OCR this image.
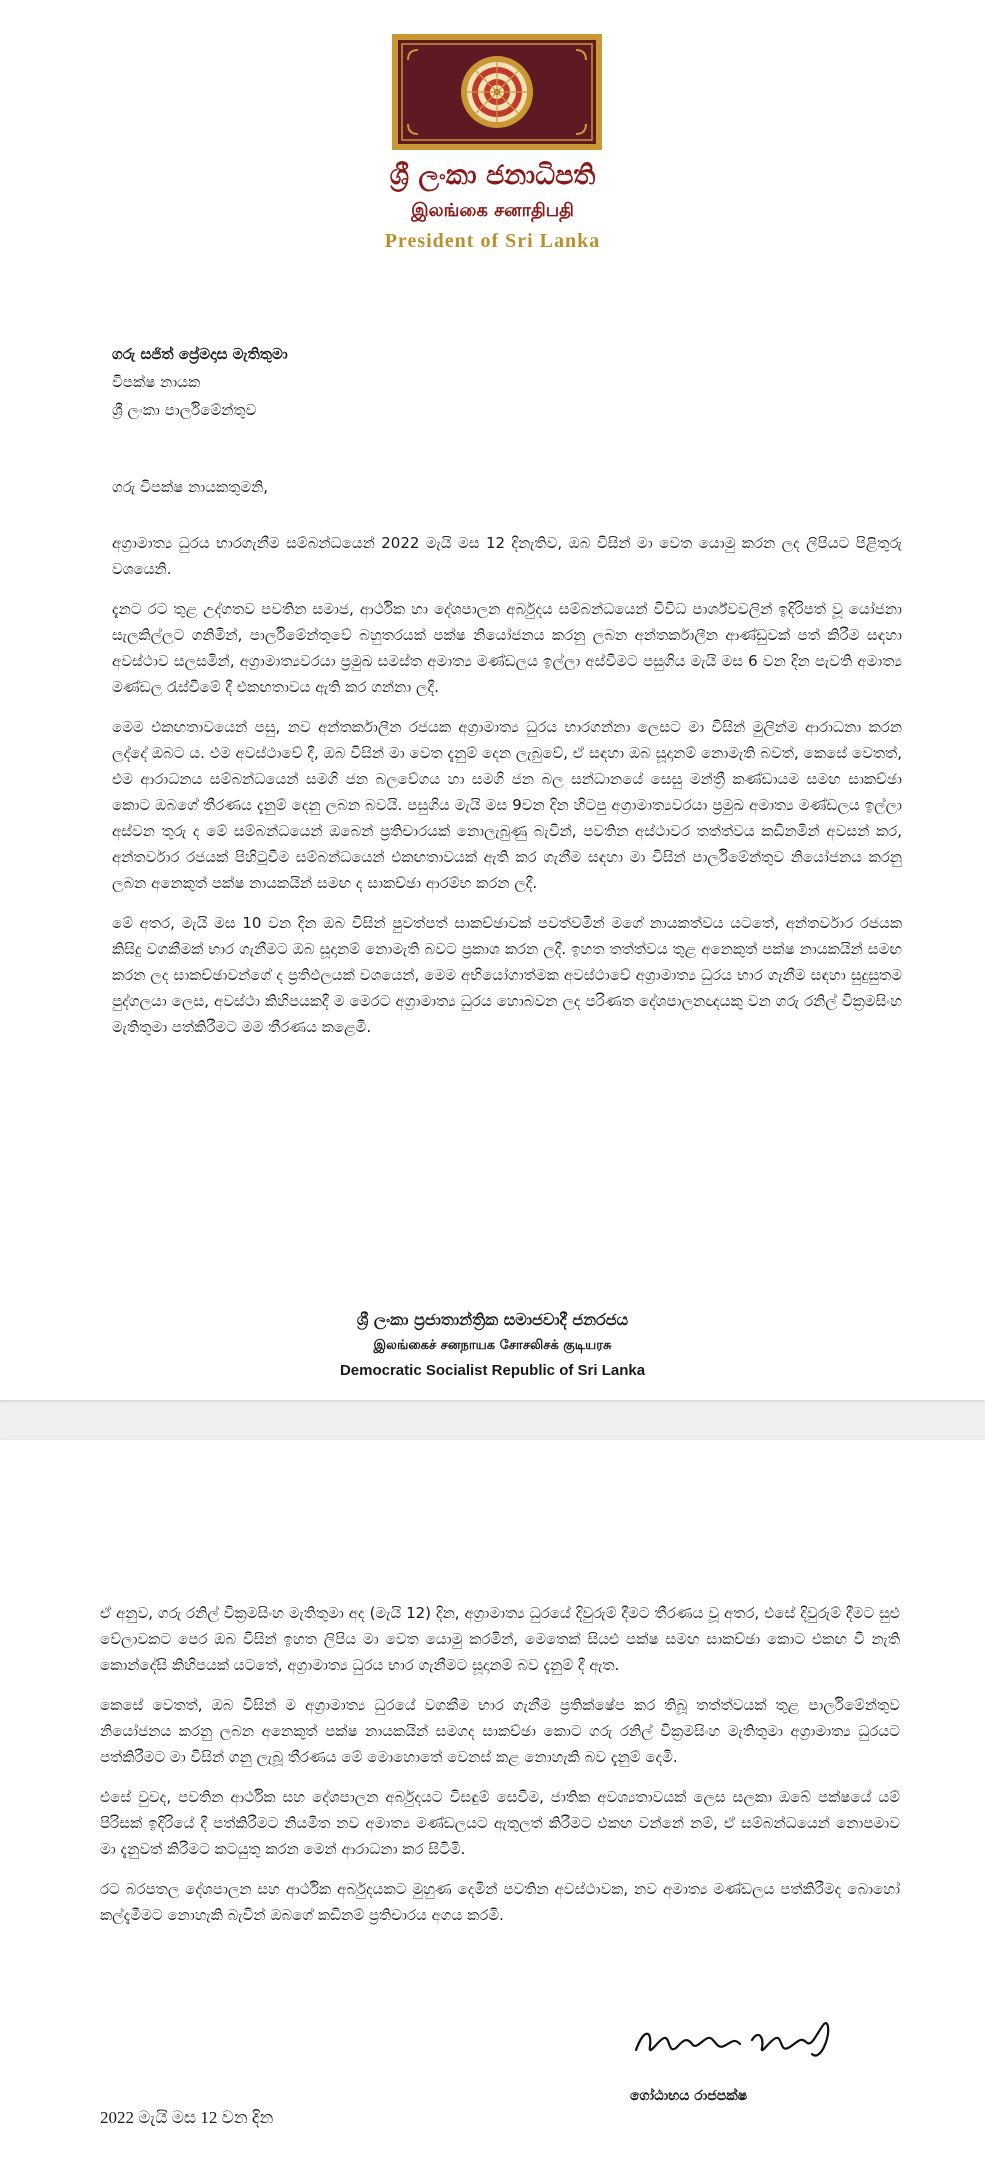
ශ්‍රී ලංකා ජනාධිපති
இலங்கை சனாதிபதி
President of Sri Lanka
ගරු සජිත් ප්‍රේමදාස මැතිතුමා
විපක්ෂ නායක
ශ්‍රී ලංකා පාර්ලිමේන්තුව
ගරු විපක්ෂ නායකතුමනි,

අග්‍රාමාත්‍ය ධුරය භාරගැනීම සම්බන්ධයෙන් 2022 මැයි මස 12 දිනැතිව, ඔබ විසින් මා වෙත යොමු කරන ලද ලිපියට පිළිතුරු වශයෙනි.

දැනට රට තුළ උද්ගතව පවතින සමාජ, ආර්ථික හා දේශපාලන අර්බුදය සම්බන්ධයෙන් විවිධ පාර්ශ්වවලින් ඉදිරිපත් වූ යෝජනා සැලකිල්ලට ගනිමින්, පාර්ලිමේන්තුවේ බහුතරයක් පක්ෂ නියෝජනය කරනු ලබන අන්තර්කාලීන ආණ්ඩුවක් පත් කිරීම සඳහා අවස්ථාව සලසමින්, අග්‍රාමාත්‍යවරයා ප්‍රමුඛ සමස්ත අමාත්‍ය මණ්ඩලය ඉල්ලා අස්වීමට පසුගිය මැයි මස 6 වන දින පැවති අමාත්‍ය මණ්ඩල රැස්වීමේ දී එකඟතාවය ඇති කර ගන්නා ලදී.

මෙම එකඟතාවයෙන් පසු, නව අන්තර්කාලීන රජයක අග්‍රාමාත්‍ය ධුරය භාරගන්නා ලෙසට මා විසින් මුලින්ම ආරාධනා කරන ලද්දේ ඔබට ය. එම අවස්ථාවේ දී, ඔබ විසින් මා වෙත දැනුම් දෙන ලැබුවේ, ඒ සඳහා ඔබ සූදානම් නොමැති බවත්, කෙසේ වෙතත්, එම ආරාධනය සම්බන්ධයෙන් සමගි ජන බලවේගය හා සමගි ජන බල සන්ධානයේ සෙසු මන්ත්‍රී කණ්ඩායම සමඟ සාකච්ඡා කොට ඔබගේ තීරණය දැනුම් දෙනු ලබන බවයි. පසුගිය මැයි මස 9වන දින හිටපු අග්‍රාමාත්‍යවරයා ප්‍රමුඛ අමාත්‍ය මණ්ඩලය ඉල්ලා අස්වන තුරු ද මේ සම්බන්ධයෙන් ඔබෙන් ප්‍රතිචාරයක් නොලැබුණු බැවින්, පවතින අස්ථාවර තත්ත්වය කඩිනමින් අවසන් කර, අන්තර්වාර රජයක් පිහිටුවීම සම්බන්ධයෙන් එකඟතාවයක් ඇති කර ගැනීම සඳහා මා විසින් පාර්ලිමේන්තුව නියෝජනය කරනු ලබන අනෙකුත් පක්ෂ නායකයින් සමඟ ද සාකච්ඡා ආරම්භ කරන ලදී.

මේ අතර, මැයි මස 10 වන දින ඔබ විසින් පුවත්පත් සාකච්ඡාවක් පවත්වමින් මගේ නායකත්වය යටතේ, අන්තර්වාර රජයක කිසිදු වගකීමක් භාර ගැනීමට ඔබ සූදානම් නොමැති බවට ප්‍රකාශ කරන ලදී. ඉහත තත්ත්වය තුළ අනෙකුත් පක්ෂ නායකයින් සමඟ කරන ලද සාකච්ඡාවන්ගේ ද ප්‍රතිඵලයක් වශයෙන්, මෙම අභියෝගාත්මක අවස්ථාවේ අග්‍රාමාත්‍ය ධුරය භාර ගැනීම සඳහා සුදුසුතම පුද්ගලයා ලෙස, අවස්ථා කිහිපයකදී ම මෙරට අග්‍රාමාත්‍ය ධුරය හොබවන ලද පරිණත දේශපාලනඥයකු වන ගරු රනිල් වික්‍රමසිංහ මැතිතුමා පත්කිරීමට මම තීරණය කළෙමි.

ශ්‍රී ලංකා ප්‍රජාතාන්ත්‍රික සමාජවාදී ජනරජය
இலங்கைச் சனநாயக சோசலிசக் குடியரசு
Democratic Socialist Republic of Sri Lanka

ඒ අනුව, ගරු රනිල් වික්‍රමසිංහ මැතිතුමා අද (මැයි 12) දින, අග්‍රාමාත්‍ය ධුරයේ දිවුරුම් දීමට තීරණය වූ අතර, එසේ දිවුරුම් දීමට සුළු වේලාවකට පෙර ඔබ විසින් ඉහත ලිපිය මා වෙත යොමු කරමින්, මෙතෙක් සියළු පක්ෂ සමඟ සාකච්ඡා කොට එකඟ වී නැති කොන්දේසි කිහිපයක් යටතේ, අග්‍රාමාත්‍ය ධුරය භාර ගැනීමට සූදානම් බව දැනුම් දී ඇත.

කෙසේ වෙතත්, ඔබ විසින් ම අග්‍රාමාත්‍ය ධුරයේ වගකීම භාර ගැනීම ප්‍රතික්ෂේප කර තිබූ තත්ත්වයක් තුළ පාර්ලිමේන්තුව නියෝජනය කරනු ලබන අනෙකුත් පක්ෂ නායකයින් සමගද සාකච්ඡා කොට ගරු රනිල් වික්‍රමසිංහ මැතිතුමා අග්‍රාමාත්‍ය ධුරයට පත්කිරීමට මා විසින් ගනු ලැබූ තීරණය මේ මොහොතේ වෙනස් කළ නොහැකි බව දැනුම් දෙමි.

එසේ වුවද, පවතින ආර්ථික සහ දේශපාලන අර්බුදයට විසඳුම් සෙවීම, ජාතික අවශ්‍යතාවයක් ලෙස සලකා ඔබේ පක්ෂයේ යම් පිරිසක් ඉදිරියේ දී පත්කිරීමට නියමිත නව අමාත්‍ය මණ්ඩලයට ඇතුලත් කිරීමට එකඟ වන්නේ නම්, ඒ සම්බන්ධයෙන් නොපමාව මා දැනුවත් කිරීමට කටයුතු කරන මෙන් ආරාධනා කර සිටිමි.

රට බරපතල දේශපාලන සහ ආර්ථික අර්බුදයකට මුහුණ දෙමින් පවතින අවස්ථාවක, නව අමාත්‍ය මණ්ඩලය පත්කිරීමද බොහෝ කල්දැමීමට නොහැකි බැවින් ඔබගේ කඩිනම් ප්‍රතිචාරය අගය කරමි.

ගෝඨාභය රාජපක්ෂ
2022 මැයි මස 12 වන දින
